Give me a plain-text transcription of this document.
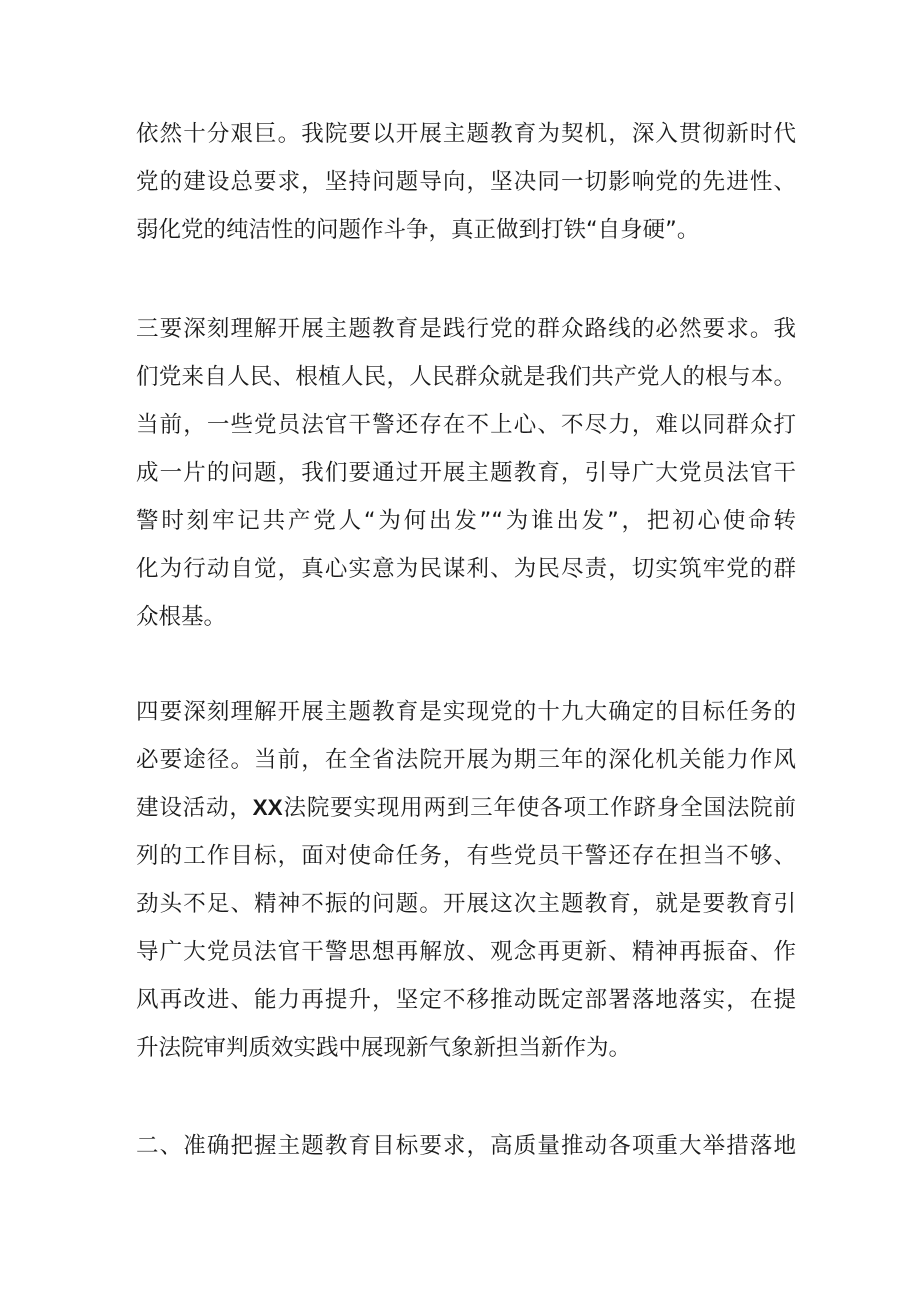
依然十分艰巨。我院要以开展主题教育为契机，深入贯彻新时代

党的建设总要求，坚持问题导向，坚决同一切影响党的先进性、

弱化党的纯洁性的问题作斗争，真正做到打铁“自身硬”。

三要深刻理解开展主题教育是践行党的群众路线的必然要求。我

们党来自人民、根植人民，人民群众就是我们共产党人的根与本。

当前，一些党员法官干警还存在不上心、不尽力，难以同群众打

成一片的问题，我们要通过开展主题教育，引导广大党员法官干

警时刻牢记共产党人“为何出发”“为谁出发”，把初心使命转

化为行动自觉，真心实意为民谋利、为民尽责，切实筑牢党的群

众根基。

四要深刻理解开展主题教育是实现党的十九大确定的目标任务的

必要途径。当前，在全省法院开展为期三年的深化机关能力作风

建设活动，XX法院要实现用两到三年使各项工作跻身全国法院前

列的工作目标，面对使命任务，有些党员干警还存在担当不够、

劲头不足、精神不振的问题。开展这次主题教育，就是要教育引

导广大党员法官干警思想再解放、观念再更新、精神再振奋、作

风再改进、能力再提升，坚定不移推动既定部署落地落实，在提

升法院审判质效实践中展现新气象新担当新作为。

二、准确把握主题教育目标要求，高质量推动各项重大举措落地
